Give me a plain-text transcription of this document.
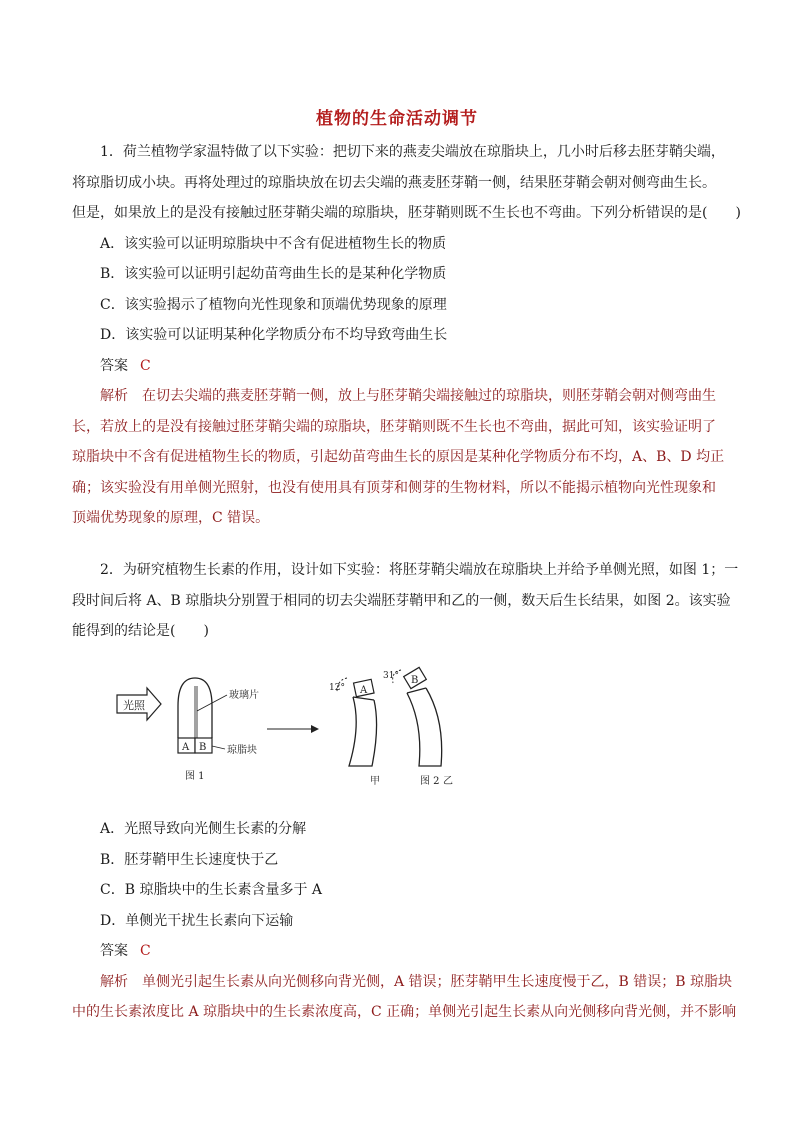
植物的生命活动调节

1．荷兰植物学家温特做了以下实验：把切下来的燕麦尖端放在琼脂块上，几小时后移去胚芽鞘尖端，

将琼脂切成小块。再将处理过的琼脂块放在切去尖端的燕麦胚芽鞘一侧，结果胚芽鞘会朝对侧弯曲生长。

但是，如果放上的是没有接触过胚芽鞘尖端的琼脂块，胚芽鞘则既不生长也不弯曲。下列分析错误的是(　　)

A．该实验可以证明琼脂块中不含有促进植物生长的物质

B．该实验可以证明引起幼苗弯曲生长的是某种化学物质

C．该实验揭示了植物向光性现象和顶端优势现象的原理

D．该实验可以证明某种化学物质分布不均导致弯曲生长

答案 C

解析　在切去尖端的燕麦胚芽鞘一侧，放上与胚芽鞘尖端接触过的琼脂块，则胚芽鞘会朝对侧弯曲生

长，若放上的是没有接触过胚芽鞘尖端的琼脂块，胚芽鞘则既不生长也不弯曲，据此可知，该实验证明了

琼脂块中不含有促进植物生长的物质，引起幼苗弯曲生长的原因是某种化学物质分布不均，A、B、D 均正

确；该实验没有用单侧光照射，也没有使用具有顶芽和侧芽的生物材料，所以不能揭示植物向光性现象和

顶端优势现象的原理，C 错误。

2．为研究植物生长素的作用，设计如下实验：将胚芽鞘尖端放在琼脂块上并给予单侧光照，如图 1；一

段时间后将 A、B 琼脂块分别置于相同的切去尖端胚芽鞘甲和乙的一侧，数天后生长结果，如图 2。该实验

能得到的结论是(　　)

光照
A B
玻璃片
琼脂块
图 1
A
12°
甲
B
31°
图 2 乙

A．光照导致向光侧生长素的分解

B．胚芽鞘甲生长速度快于乙

C．B 琼脂块中的生长素含量多于 A

D．单侧光干扰生长素向下运输

答案 C

解析　单侧光引起生长素从向光侧移向背光侧，A 错误；胚芽鞘甲生长速度慢于乙，B 错误；B 琼脂块

中的生长素浓度比 A 琼脂块中的生长素浓度高，C 正确；单侧光引起生长素从向光侧移向背光侧，并不影响
